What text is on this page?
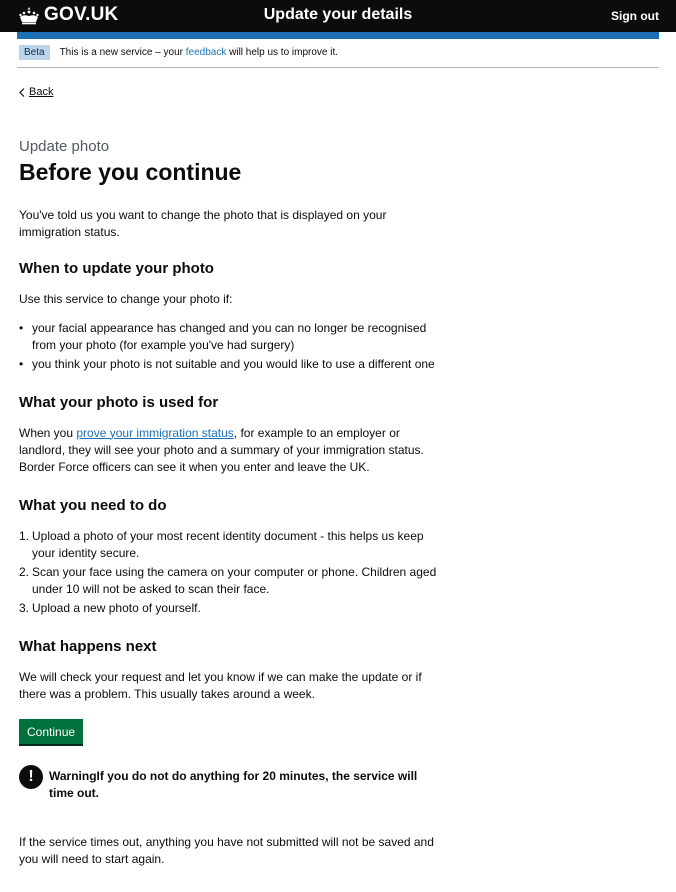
GOV.UK	Update your details	Sign out
Beta	This is a new service – your feedback will help us to improve it.
Back
Update photo
Before you continue

You've told us you want to change the photo that is displayed on your immigration status.

When to update your photo

Use this service to change your photo if:

• your facial appearance has changed and you can no longer be recognised from your photo (for example you've had surgery)
• you think your photo is not suitable and you would like to use a different one
What your photo is used for

When you prove your immigration status, for example to an employer or landlord, they will see your photo and a summary of your immigration status. Border Force officers can see it when you enter and leave the UK.

What you need to do
1. Upload a photo of your most recent identity document - this helps us keep your identity secure.
2. Scan your face using the camera on your computer or phone. Children aged under 10 will not be asked to scan their face.
3. Upload a new photo of yourself.
What happens next

We will check your request and let you know if we can make the update or if there was a problem. This usually takes around a week.

Continue
!	WarningIf you do not do anything for 20 minutes, the service will time out.

If the service times out, anything you have not submitted will not be saved and you will need to start again.
